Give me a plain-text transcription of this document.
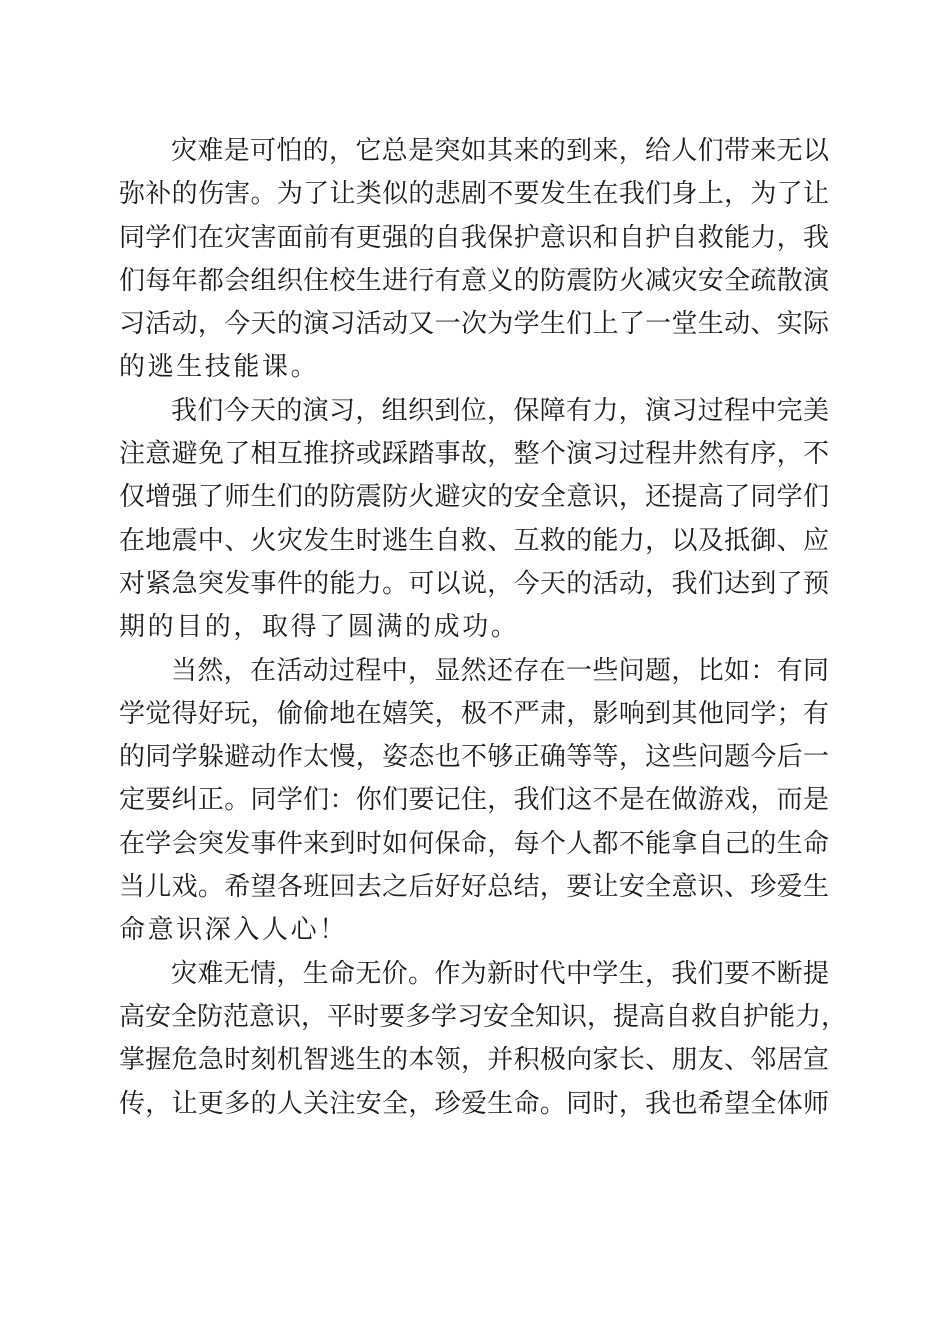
灾难是可怕的，它总是突如其来的到来，给人们带来无以
弥补的伤害。为了让类似的悲剧不要发生在我们身上，为了让
同学们在灾害面前有更强的自我保护意识和自护自救能力，我
们每年都会组织住校生进行有意义的防震防火减灾安全疏散演
习活动，今天的演习活动又一次为学生们上了一堂生动、实际
的逃生技能课。
我们今天的演习，组织到位，保障有力，演习过程中完美
注意避免了相互推挤或踩踏事故，整个演习过程井然有序，不
仅增强了师生们的防震防火避灾的安全意识，还提高了同学们
在地震中、火灾发生时逃生自救、互救的能力，以及抵御、应
对紧急突发事件的能力。可以说，今天的活动，我们达到了预
期的目的，取得了圆满的成功。
当然，在活动过程中，显然还存在一些问题，比如：有同
学觉得好玩，偷偷地在嬉笑，极不严肃，影响到其他同学；有
的同学躲避动作太慢，姿态也不够正确等等，这些问题今后一
定要纠正。同学们：你们要记住，我们这不是在做游戏，而是
在学会突发事件来到时如何保命，每个人都不能拿自己的生命
当儿戏。希望各班回去之后好好总结，要让安全意识、珍爱生
命意识深入人心！
灾难无情，生命无价。作为新时代中学生，我们要不断提
高安全防范意识，平时要多学习安全知识，提高自救自护能力，
掌握危急时刻机智逃生的本领，并积极向家长、朋友、邻居宣
传，让更多的人关注安全，珍爱生命。同时，我也希望全体师
